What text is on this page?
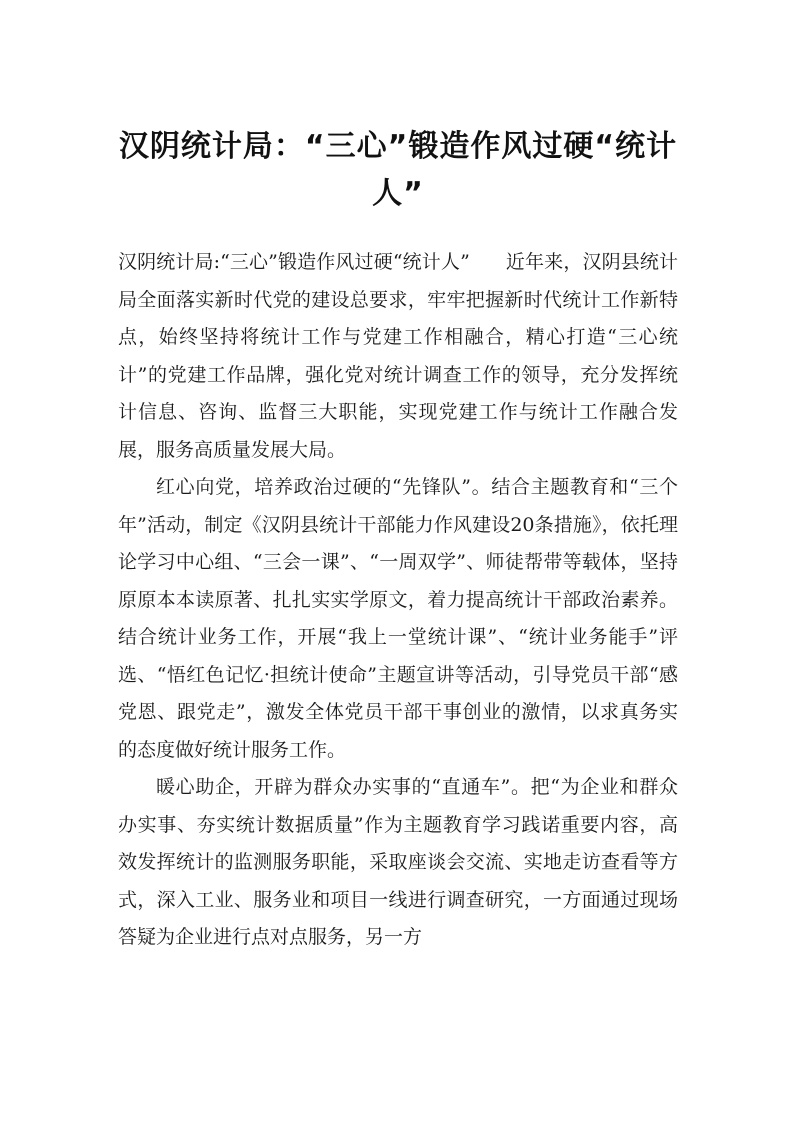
汉阴统计局：“三心”锻造作风过硬“统计人”

汉阴统计局:“三心”锻造作风过硬“统计人” 近年来，汉阴县统计局全面落实新时代党的建设总要求，牢牢把握新时代统计工作新特点，始终坚持将统计工作与党建工作相融合，精心打造“三心统计”的党建工作品牌，强化党对统计调查工作的领导，充分发挥统计信息、咨询、监督三大职能，实现党建工作与统计工作融合发展，服务高质量发展大局。

红心向党，培养政治过硬的“先锋队”。结合主题教育和“三个年”活动，制定《汉阴县统计干部能力作风建设20条措施》，依托理论学习中心组、“三会一课”、“一周双学”、师徒帮带等载体，坚持原原本本读原著、扎扎实实学原文，着力提高统计干部政治素养。结合统计业务工作，开展“我上一堂统计课”、“统计业务能手”评选、“悟红色记忆·担统计使命”主题宣讲等活动，引导党员干部“感党恩、跟党走”，激发全体党员干部干事创业的激情，以求真务实的态度做好统计服务工作。

暖心助企，开辟为群众办实事的“直通车”。把“为企业和群众办实事、夯实统计数据质量”作为主题教育学习践诺重要内容，高效发挥统计的监测服务职能，采取座谈会交流、实地走访查看等方式，深入工业、服务业和项目一线进行调查研究，一方面通过现场答疑为企业进行点对点服务，另一方
